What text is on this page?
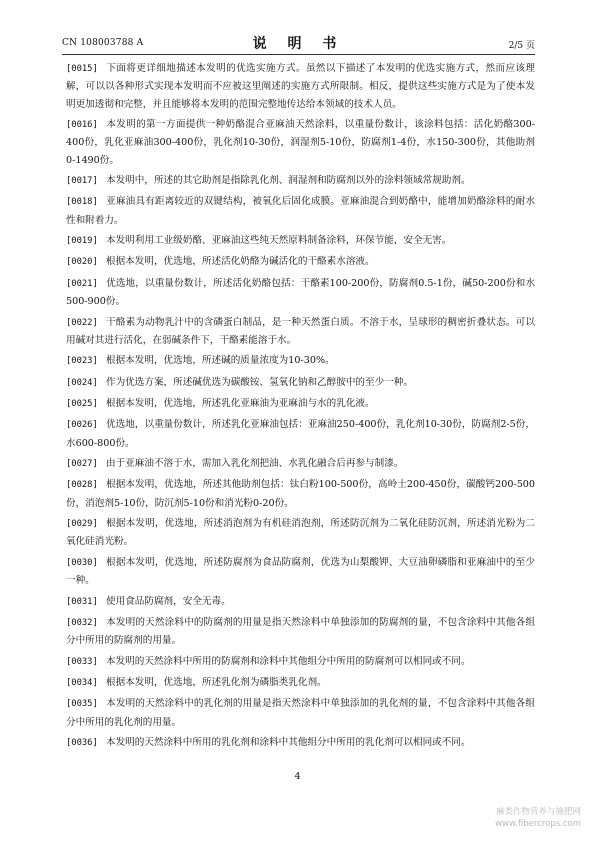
CN 108003788 A	说 明 书	2/5 页
[0015] 下面将更详细地描述本发明的优选实施方式。虽然以下描述了本发明的优选实施方式，然而应该理解，可以以各种形式实现本发明而不应被这里阐述的实施方式所限制。相反，提供这些实施方式是为了使本发明更加透彻和完整，并且能够将本发明的范围完整地传达给本领域的技术人员。
[0016] 本发明的第一方面提供一种奶酪混合亚麻油天然涂料，以重量份数计，该涂料包括：活化奶酪300-400份，乳化亚麻油300-400份，乳化剂10-30份，润湿剂5-10份，防腐剂1-4份，水150-300份，其他助剂0-1490份。
[0017] 本发明中，所述的其它助剂是指除乳化剂、润湿剂和防腐剂以外的涂料领域常规助剂。
[0018] 亚麻油具有距离较近的双键结构，被氧化后固化成膜。亚麻油混合到奶酪中，能增加奶酪涂料的耐水性和附着力。
[0019] 本发明利用工业级奶酪、亚麻油这些纯天然原料制备涂料，环保节能，安全无害。
[0020] 根据本发明，优选地，所述活化奶酪为碱活化的干酪素水溶液。
[0021] 优选地，以重量份数计，所述活化奶酪包括：干酪素100-200份，防腐剂0.5-1份，碱50-200份和水500-900份。
[0022] 干酪素为动物乳汁中的含磷蛋白制品，是一种天然蛋白质。不溶于水，呈球形的稠密折叠状态。可以用碱对其进行活化，在弱碱条件下，干酪素能溶于水。
[0023] 根据本发明，优选地，所述碱的质量浓度为10-30%。
[0024] 作为优选方案，所述碱优选为碳酸铵、氢氧化钠和乙醇胺中的至少一种。
[0025] 根据本发明，优选地，所述乳化亚麻油为亚麻油与水的乳化液。
[0026] 优选地，以重量份数计，所述乳化亚麻油包括：亚麻油250-400份，乳化剂10-30份，防腐剂2-5份，水600-800份。
[0027] 由于亚麻油不溶于水，需加入乳化剂把油、水乳化融合后再参与制漆。
[0028] 根据本发明，优选地，所述其他助剂包括：钛白粉100-500份，高岭土200-450份，碳酸钙200-500份，消泡剂5-10份，防沉剂5-10份和消光粉0-20份。
[0029] 根据本发明，优选地，所述消泡剂为有机硅消泡剂，所述防沉剂为二氧化硅防沉剂，所述消光粉为二氧化硅消光粉。
[0030] 根据本发明，优选地，所述防腐剂为食品防腐剂，优选为山梨酸钾、大豆油卵磷脂和亚麻油中的至少一种。
[0031] 使用食品防腐剂，安全无毒。
[0032] 本发明的天然涂料中的防腐剂的用量是指天然涂料中单独添加的防腐剂的量，不包含涂料中其他各组分中所用的防腐剂的用量。
[0033] 本发明的天然涂料中所用的防腐剂和涂料中其他组分中所用的防腐剂可以相同或不同。
[0034] 根据本发明，优选地，所述乳化剂为磷脂类乳化剂。
[0035] 本发明的天然涂料中的乳化剂的用量是指天然涂料中单独添加的乳化剂的量，不包含涂料中其他各组分中所用的乳化剂的用量。
[0036] 本发明的天然涂料中所用的乳化剂和涂料中其他组分中所用的乳化剂可以相同或不同。
4
麻类作物营养与施肥网
www.fibercrops.com
